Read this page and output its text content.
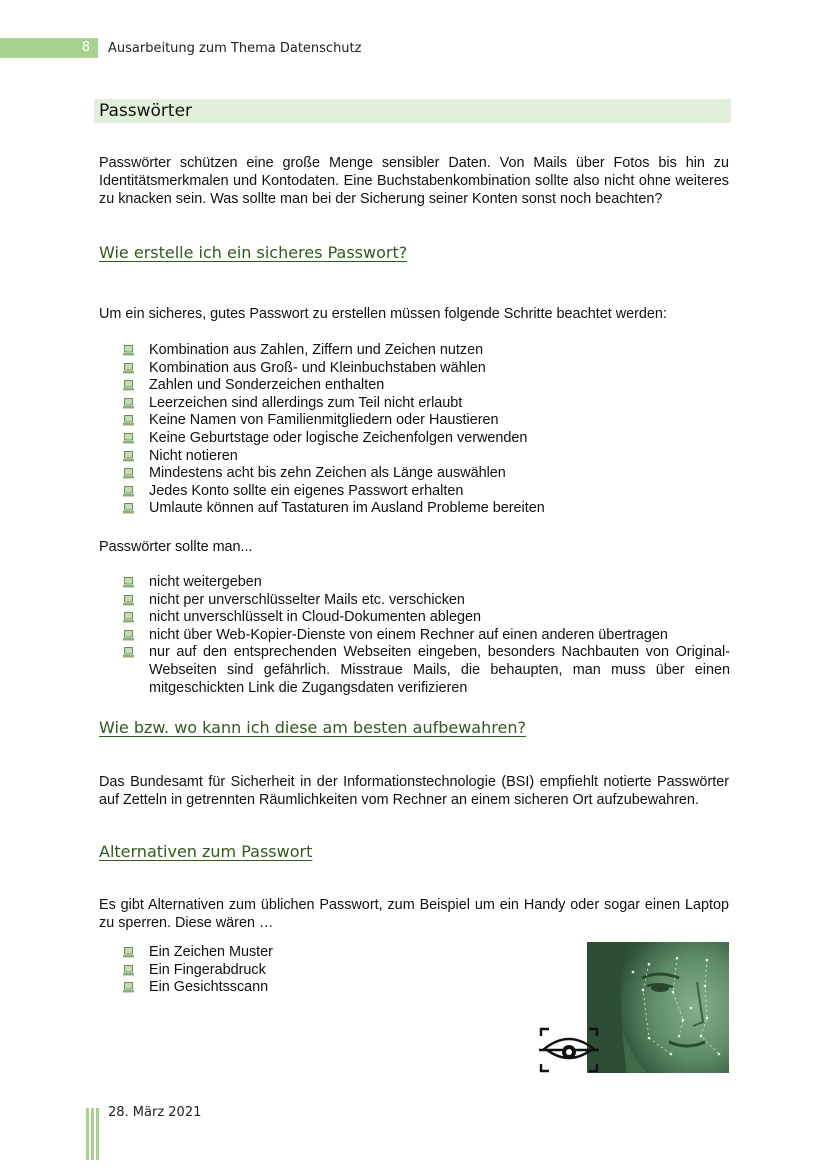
8 Ausarbeitung zum Thema Datenschutz
Passwörter

Passwörter schützen eine große Menge sensibler Daten. Von Mails über Fotos bis hin zu Identitätsmerkmalen und Kontodaten. Eine Buchstabenkombination sollte also nicht ohne weiteres zu knacken sein. Was sollte man bei der Sicherung seiner Konten sonst noch beachten?

Wie erstelle ich ein sicheres Passwort?

Um ein sicheres, gutes Passwort zu erstellen müssen folgende Schritte beachtet werden:

Kombination aus Zahlen, Ziffern und Zeichen nutzen
Kombination aus Groß- und Kleinbuchstaben wählen
Zahlen und Sonderzeichen enthalten
Leerzeichen sind allerdings zum Teil nicht erlaubt
Keine Namen von Familienmitgliedern oder Haustieren
Keine Geburtstage oder logische Zeichenfolgen verwenden
Nicht notieren
Mindestens acht bis zehn Zeichen als Länge auswählen
Jedes Konto sollte ein eigenes Passwort erhalten
Umlaute können auf Tastaturen im Ausland Probleme bereiten

Passwörter sollte man...

nicht weitergeben
nicht per unverschlüsselter Mails etc. verschicken
nicht unverschlüsselt in Cloud-Dokumenten ablegen
nicht über Web-Kopier-Dienste von einem Rechner auf einen anderen übertragen
nur auf den entsprechenden Webseiten eingeben, besonders Nachbauten von Original-Webseiten sind gefährlich. Misstraue Mails, die behaupten, man muss über einen mitgeschickten Link die Zugangsdaten verifizieren
Wie bzw. wo kann ich diese am besten aufbewahren?

Das Bundesamt für Sicherheit in der Informationstechnologie (BSI) empfiehlt notierte Passwörter auf Zetteln in getrennten Räumlichkeiten vom Rechner an einem sicheren Ort aufzubewahren.

Alternativen zum Passwort

Es gibt Alternativen zum üblichen Passwort, zum Beispiel um ein Handy oder sogar einen Laptop zu sperren. Diese wären …

Ein Zeichen Muster
Ein Fingerabdruck
Ein Gesichtsscann
28. März 2021
